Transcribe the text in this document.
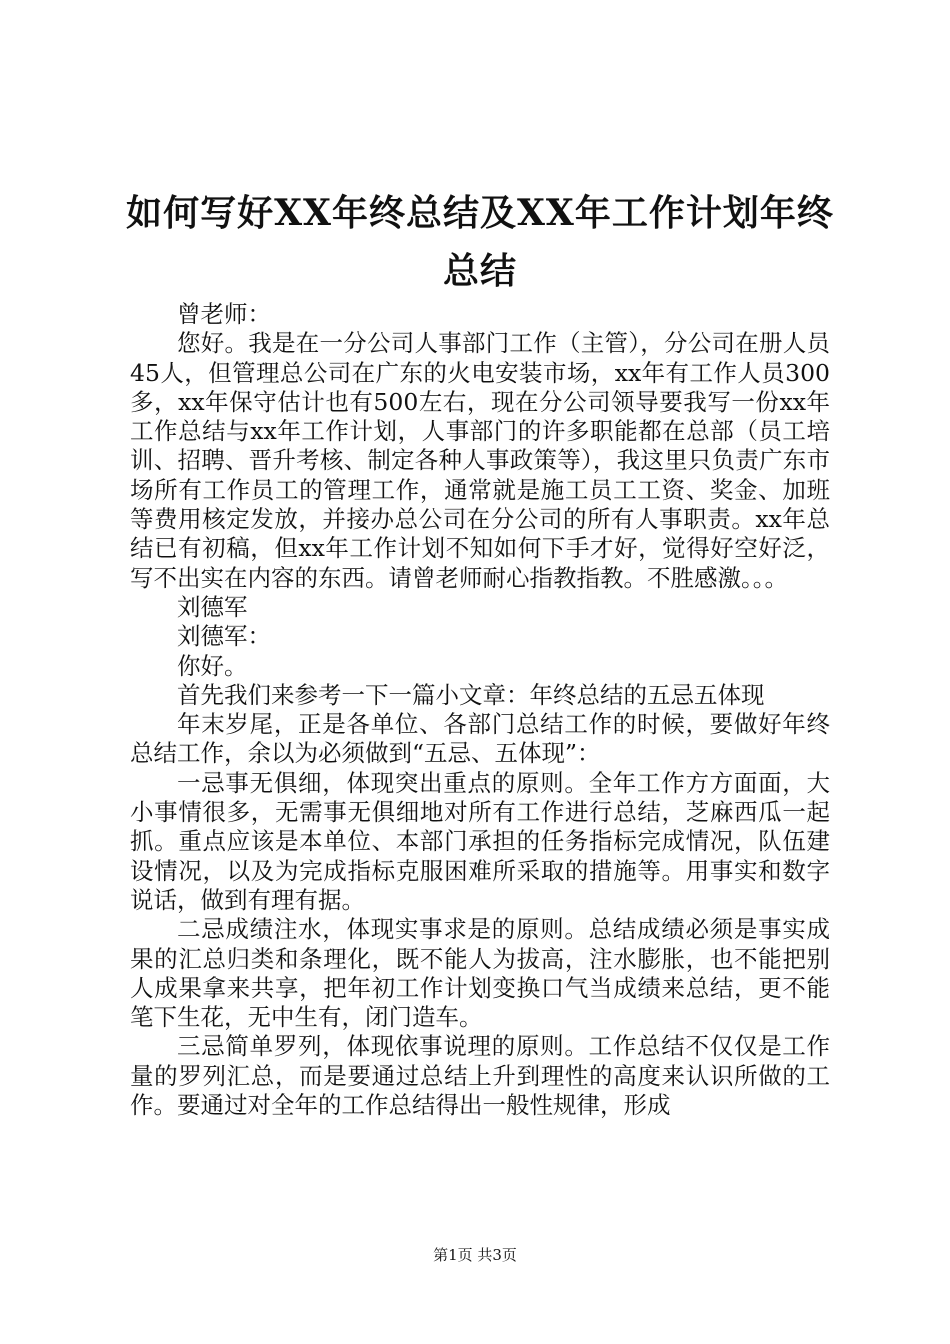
如何写好XX年终总结及XX年工作计划年终总结

曾老师：

您好。我是在一分公司人事部门工作（主管），分公司在册人员45人，但管理总公司在广东的火电安装市场，xx年有工作人员300多，xx年保守估计也有500左右，现在分公司领导要我写一份xx年工作总结与xx年工作计划，人事部门的许多职能都在总部（员工培训、招聘、晋升考核、制定各种人事政策等），我这里只负责广东市场所有工作员工的管理工作，通常就是施工员工工资、奖金、加班等费用核定发放，并接办总公司在分公司的所有人事职责。xx年总结已有初稿，但xx年工作计划不知如何下手才好，觉得好空好泛，写不出实在内容的东西。请曾老师耐心指教指教。不胜感激。。。

刘德军

刘德军：

你好。

首先我们来参考一下一篇小文章：年终总结的五忌五体现

年末岁尾，正是各单位、各部门总结工作的时候，要做好年终总结工作，余以为必须做到“五忌、五体现”：

一忌事无俱细，体现突出重点的原则。全年工作方方面面，大小事情很多，无需事无俱细地对所有工作进行总结，芝麻西瓜一起抓。重点应该是本单位、本部门承担的任务指标完成情况，队伍建设情况，以及为完成指标克服困难所采取的措施等。用事实和数字说话，做到有理有据。

二忌成绩注水，体现实事求是的原则。总结成绩必须是事实成果的汇总归类和条理化，既不能人为拔高，注水膨胀，也不能把别人成果拿来共享，把年初工作计划变换口气当成绩来总结，更不能笔下生花，无中生有，闭门造车。

三忌简单罗列，体现依事说理的原则。工作总结不仅仅是工作量的罗列汇总，而是要通过总结上升到理性的高度来认识所做的工作。要通过对全年的工作总结得出一般性规律，形成

第1页 共3页
